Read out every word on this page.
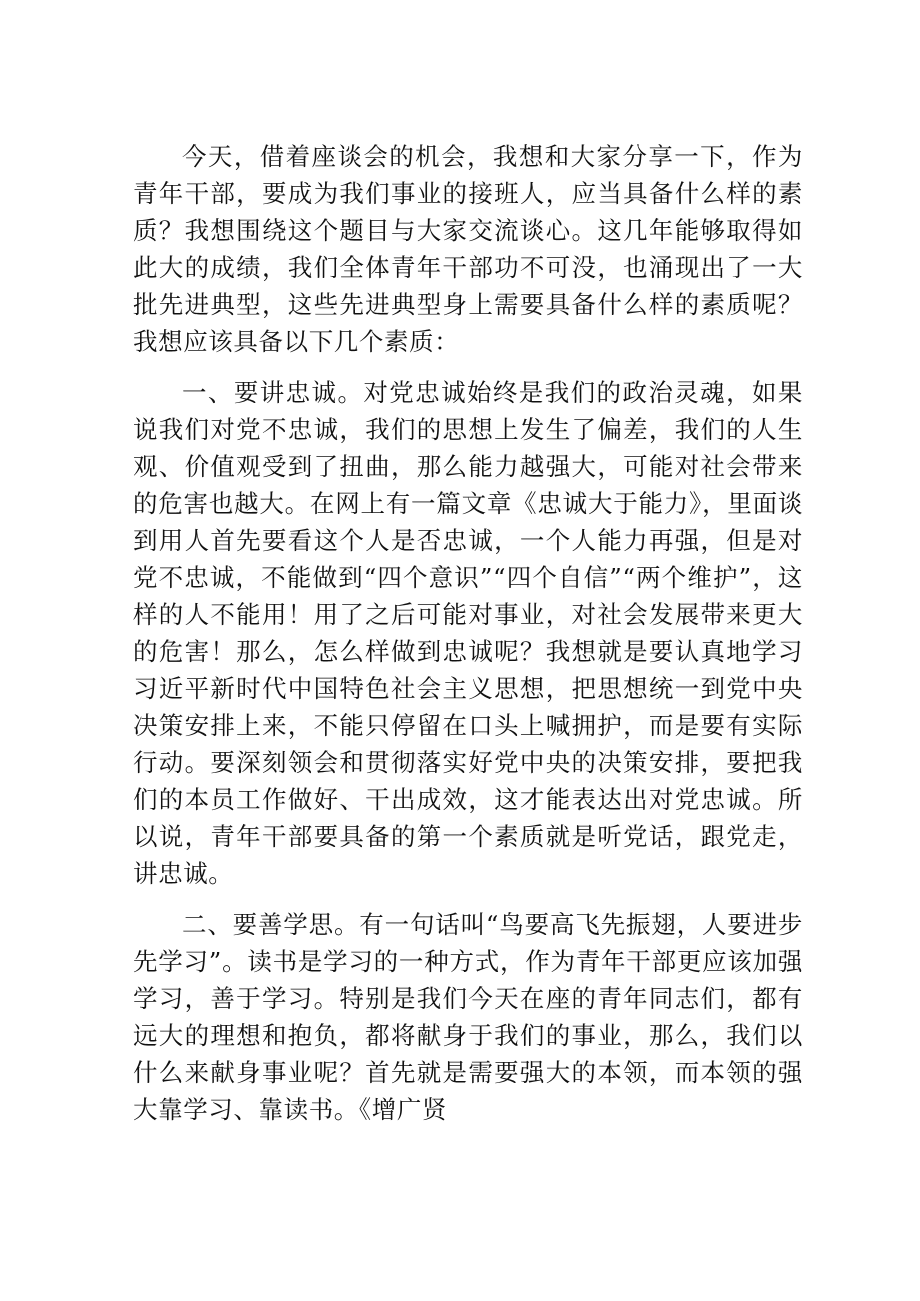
今天，借着座谈会的机会，我想和大家分享一下，作为青年干部，要成为我们事业的接班人，应当具备什么样的素质？我想围绕这个题目与大家交流谈心。这几年能够取得如此大的成绩，我们全体青年干部功不可没，也涌现出了一大批先进典型，这些先进典型身上需要具备什么样的素质呢？我想应该具备以下几个素质：

一、要讲忠诚。对党忠诚始终是我们的政治灵魂，如果说我们对党不忠诚，我们的思想上发生了偏差，我们的人生观、价值观受到了扭曲，那么能力越强大，可能对社会带来的危害也越大。在网上有一篇文章《忠诚大于能力》，里面谈到用人首先要看这个人是否忠诚，一个人能力再强，但是对党不忠诚，不能做到“四个意识”“四个自信”“两个维护”，这样的人不能用！用了之后可能对事业，对社会发展带来更大的危害！那么，怎么样做到忠诚呢？我想就是要认真地学习习近平新时代中国特色社会主义思想，把思想统一到党中央决策安排上来，不能只停留在口头上喊拥护，而是要有实际行动。要深刻领会和贯彻落实好党中央的决策安排，要把我们的本员工作做好、干出成效，这才能表达出对党忠诚。所以说，青年干部要具备的第一个素质就是听党话，跟党走，讲忠诚。

二、要善学思。有一句话叫“鸟要高飞先振翅，人要进步先学习”。读书是学习的一种方式，作为青年干部更应该加强学习，善于学习。特别是我们今天在座的青年同志们，都有远大的理想和抱负，都将献身于我们的事业，那么，我们以什么来献身事业呢？首先就是需要强大的本领，而本领的强大靠学习、靠读书。《增广贤
